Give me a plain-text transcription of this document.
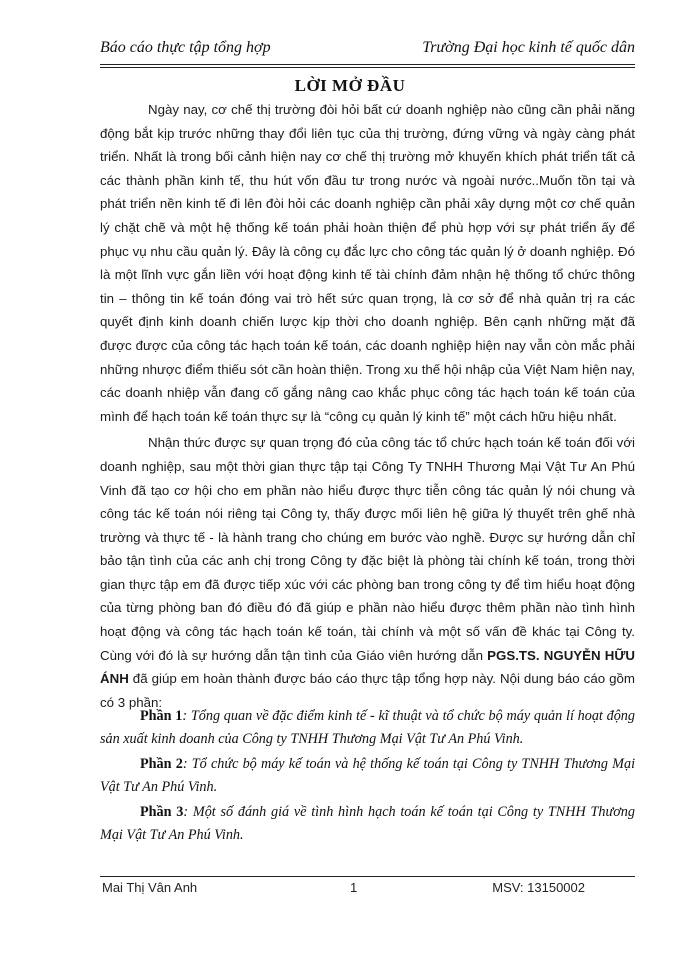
Báo cáo thực tập tổng hợp	Trường Đại học kinh tế quốc dân
LỜI MỞ ĐẦU

Ngày nay, cơ chế thị trường đòi hỏi bất cứ doanh nghiệp nào cũng cần phải năng động bắt kịp trước những thay đổi liên tục của thị trường, đứng vững và ngày càng phát triển. Nhất là trong bối cảnh hiện nay cơ chế thị trường mở khuyến khích phát triển tất cả các thành phần kinh tế, thu hút vốn đầu tư trong nước và ngoài nước..Muốn tồn tại và phát triển nền kinh tế đi lên đòi hỏi các doanh nghiệp cần phải xây dựng một cơ chế quản lý chặt chẽ và một hệ thống kế toán phải hoàn thiện để phù hợp với sự phát triển ấy để phục vụ nhu cầu quản lý. Đây là công cụ đắc lực cho công tác quản lý ở doanh nghiệp. Đó là một lĩnh vực gắn liền với hoạt động kinh tế tài chính đảm nhận hệ thống tổ chức thông tin – thông tin kế toán đóng vai trò hết sức quan trọng, là cơ sở để nhà quản trị ra các quyết định kinh doanh chiến lược kịp thời cho doanh nghiệp. Bên cạnh những mặt đã được được của công tác hạch toán kế toán, các doanh nghiệp hiện nay vẫn còn mắc phải những nhược điểm thiếu sót cần hoàn thiện. Trong xu thế hội nhập của Việt Nam hiện nay, các doanh nhiệp vẫn đang cố gắng nâng cao khắc phục công tác hạch toán kế toán của mình để hạch toán kế toán thực sự là “công cụ quản lý kinh tế” một cách hữu hiệu nhất.

Nhận thức được sự quan trọng đó của công tác tổ chức hạch toán kế toán đối với doanh nghiệp, sau một thời gian thực tập tại Công Ty TNHH Thương Mại Vật Tư An Phú Vinh đã tạo cơ hội cho em phần nào hiểu được thực tiễn công tác quản lý nói chung và công tác kế toán nói riêng tại Công ty, thấy được mối liên hệ giữa lý thuyết trên ghế nhà trường và thực tế - là hành trang cho chúng em bước vào nghề. Được sự hướng dẫn chỉ bảo tận tình của các anh chị trong Công ty đặc biệt là phòng tài chính kế toán, trong thời gian thực tập em đã được tiếp xúc với các phòng ban trong công ty để tìm hiểu hoạt động của từng phòng ban đó điều đó đã giúp e phần nào hiểu được thêm phần nào tình hình hoạt động và công tác hạch toán kế toán, tài chính và một số vấn đề khác tại Công ty. Cùng với đó là sự hướng dẫn tận tình của Giáo viên hướng dẫn PGS.TS. NGUYỄN HỮU ÁNH đã giúp em hoàn thành được báo cáo thực tập tổng hợp này. Nội dung báo cáo gồm có 3 phần:

Phần 1: Tổng quan về đặc điểm kinh tế - kĩ thuật và tổ chức bộ máy quản lí hoạt động sản xuất kinh doanh của Công ty TNHH Thương Mại Vật Tư An Phú Vinh.

Phần 2: Tổ chức bộ máy kế toán và hệ thống kế toán tại Công ty TNHH Thương Mại Vật Tư An Phú Vinh.

Phần 3: Một số đánh giá về tình hình hạch toán kế toán tại Công ty TNHH Thương Mại Vật Tư An Phú Vinh.

Mai Thị Vân Anh	1	MSV: 13150002
